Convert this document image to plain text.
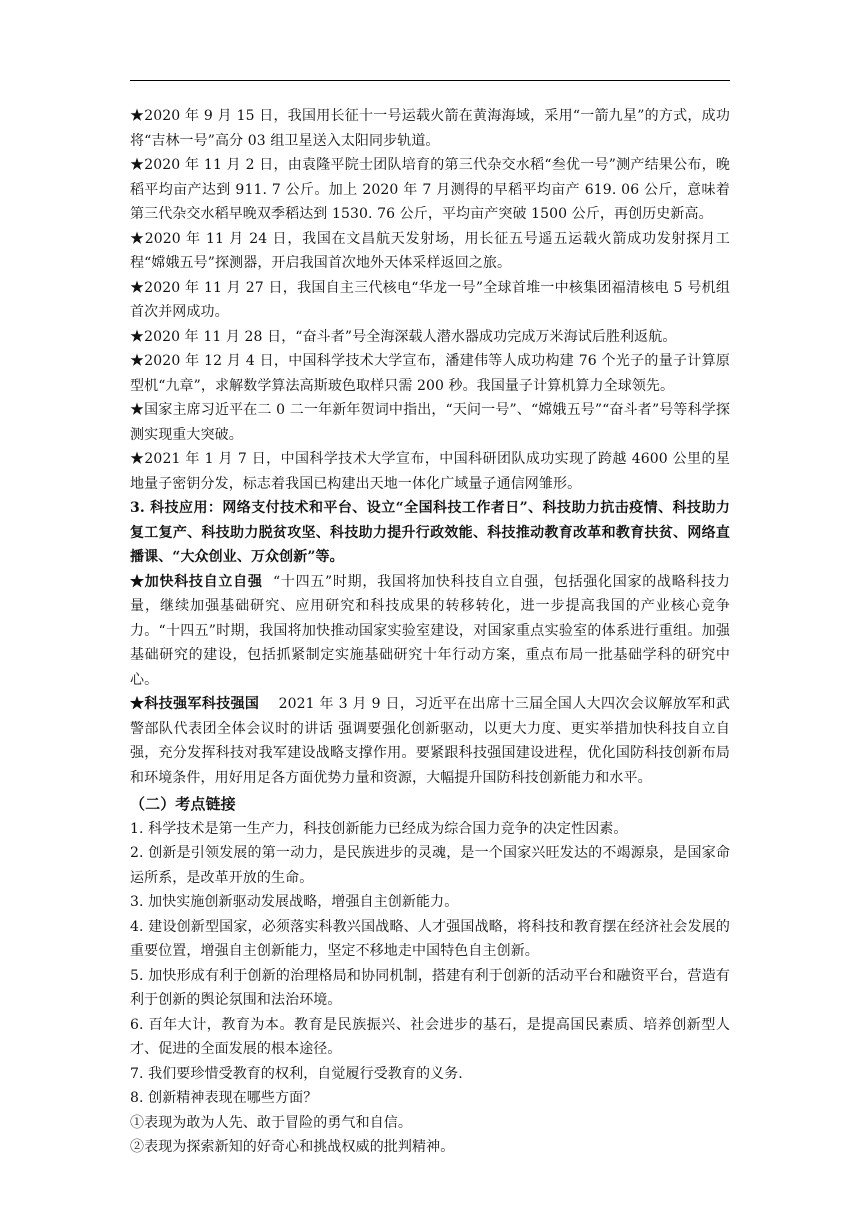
★2020 年 9 月 15 日，我国用长征十一号运载火箭在黄海海域，采用“一箭九星”的方式，成功将“吉林一号”高分 03 组卫星送入太阳同步轨道。

★2020 年 11 月 2 日，由袁隆平院士团队培育的第三代杂交水稻“叁优一号”测产结果公布，晚稻平均亩产达到 911. 7 公斤。加上 2020 年 7 月测得的早稻平均亩产 619. 06 公斤，意味着第三代杂交水稻早晚双季稻达到 1530. 76 公斤，平均亩产突破 1500 公斤，再创历史新高。

★2020 年 11 月 24 日，我国在文昌航天发射场，用长征五号遥五运载火箭成功发射探月工程“嫦娥五号”探测器，开启我国首次地外天体采样返回之旅。

★2020 年 11 月 27 日，我国自主三代核电“华龙一号”全球首堆一中核集团福清核电 5 号机组首次并网成功。

★2020 年 11 月 28 日，“奋斗者”号全海深载人潜水器成功完成万米海试后胜利返航。

★2020 年 12 月 4 日，中国科学技术大学宣布，潘建伟等人成功构建 76 个光子的量子计算原型机“九章”，求解数学算法高斯玻色取样只需 200 秒。我国量子计算机算力全球领先。

★国家主席习近平在二 0 二一年新年贺词中指出，“天问一号”、“嫦娥五号”“奋斗者”号等科学探测实现重大突破。

★2021 年 1 月 7 日，中国科学技术大学宣布，中国科研团队成功实现了跨越 4600 公里的星地量子密钥分发，标志着我国已构建出天地一体化广域量子通信网雏形。

3. 科技应用：网络支付技术和平台、设立“全国科技工作者日”、科技助力抗击疫情、科技助力复工复产、科技助力脱贫攻坚、科技助力提升行政效能、科技推动教育改革和教育扶贫、网络直播课、“大众创业、万众创新”等。

★加快科技自立自强 “十四五”时期，我国将加快科技自立自强，包括强化国家的战略科技力量，继续加强基础研究、应用研究和科技成果的转移转化，进一步提高我国的产业核心竞争力。“十四五”时期，我国将加快推动国家实验室建设，对国家重点实验室的体系进行重组。加强基础研究的建设，包括抓紧制定实施基础研究十年行动方案，重点布局一批基础学科的研究中心。

★科技强军科技强国 2021 年 3 月 9 日，习近平在出席十三届全国人大四次会议解放军和武警部队代表团全体会议时的讲话 强调要强化创新驱动，以更大力度、更实举措加快科技自立自强，充分发挥科技对我军建设战略支撑作用。要紧跟科技强国建设进程，优化国防科技创新布局和环境条件，用好用足各方面优势力量和资源，大幅提升国防科技创新能力和水平。

（二）考点链接

1. 科学技术是第一生产力，科技创新能力已经成为综合国力竞争的决定性因素。

2. 创新是引领发展的第一动力，是民族进步的灵魂，是一个国家兴旺发达的不竭源泉，是国家命运所系，是改革开放的生命。

3. 加快实施创新驱动发展战略，增强自主创新能力。

4. 建设创新型国家，必须落实科教兴国战略、人才强国战略，将科技和教育摆在经济社会发展的重要位置，增强自主创新能力，坚定不移地走中国特色自主创新。

5. 加快形成有利于创新的治理格局和协同机制，搭建有利于创新的活动平台和融资平台，营造有利于创新的舆论氛围和法治环境。

6. 百年大计，教育为本。教育是民族振兴、社会进步的基石，是提高国民素质、培养创新型人才、促进的全面发展的根本途径。

7. 我们要珍惜受教育的权利，自觉履行受教育的义务.

8. 创新精神表现在哪些方面？

①表现为敢为人先、敢于冒险的勇气和自信。

②表现为探索新知的好奇心和挑战权威的批判精神。
